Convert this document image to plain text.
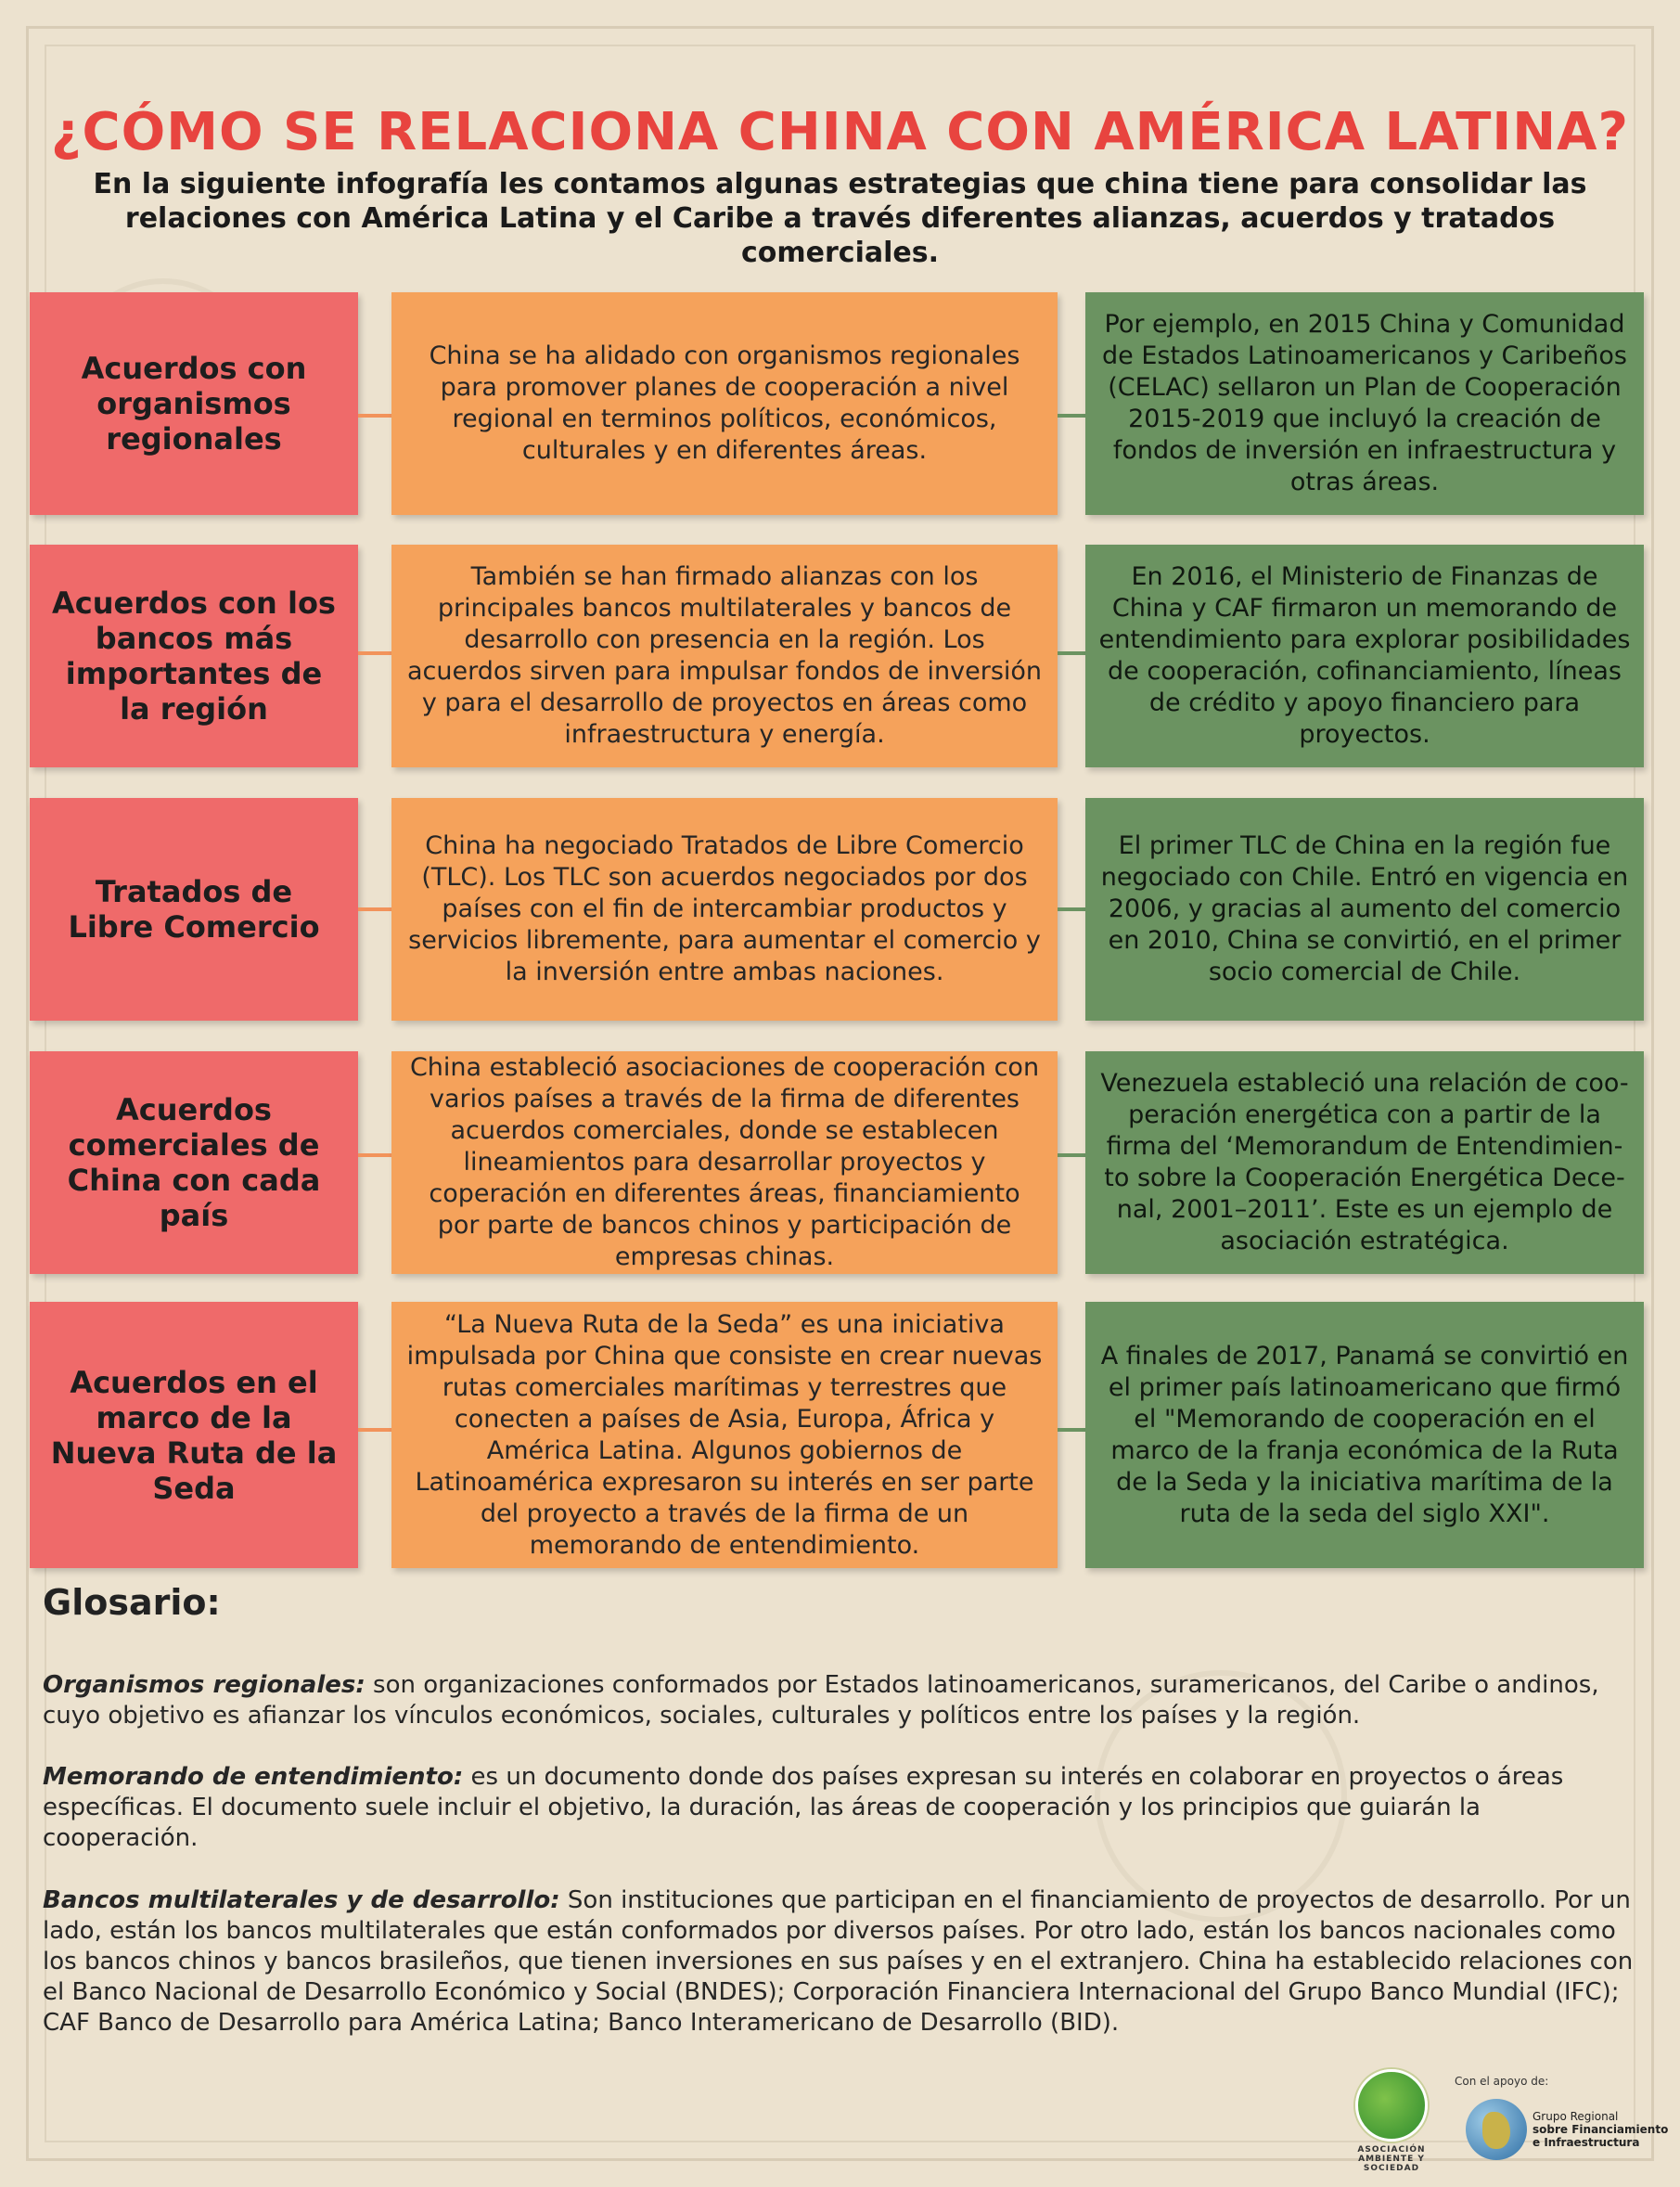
¿CÓMO SE RELACIONA CHINA CON AMÉRICA LATINA?

En la siguiente infografía les contamos algunas estrategias que china tiene para consolidar las relaciones con América Latina y el Caribe a través diferentes alianzas, acuerdos y tratados comerciales.

Acuerdos con organismos regionales
China se ha alidado con organismos regionales para promover planes de cooperación a nivel regional en terminos políticos, económicos, culturales y en diferentes áreas.
Por ejemplo, en 2015 China y Comunidad de Estados Latinoamericanos y Caribeños (CELAC) sellaron un Plan de Cooperación 2015-2019 que incluyó la creación de fondos de inversión en infraestructura y otras áreas.
Acuerdos con los bancos más importantes de la región
También se han firmado alianzas con los principales bancos multilaterales y bancos de desarrollo con presencia en la región. Los acuerdos sirven para impulsar fondos de inversión y para el desarrollo de proyectos en áreas como infraestructura y energía.
En 2016, el Ministerio de Finanzas de China y CAF firmaron un memorando de entendimiento para explorar posibilidades de cooperación, cofinanciamiento, líneas de crédito y apoyo financiero para proyectos.
Tratados de Libre Comercio
China ha negociado Tratados de Libre Comercio (TLC). Los TLC son acuerdos negociados por dos países con el fin de intercambiar productos y servicios libremente, para aumentar el comercio y la inversión entre ambas naciones.
El primer TLC de China en la región fue negociado con Chile. Entró en vigencia en 2006, y gracias al aumento del comercio en 2010, China se convirtió, en el primer socio comercial de Chile.
Acuerdos comerciales de China con cada país
China estableció asociaciones de cooperación con varios países a través de la firma de diferentes acuerdos comerciales, donde se establecen lineamientos para desarrollar proyectos y coperación en diferentes áreas, financiamiento por parte de bancos chinos y participación de empresas chinas.
Venezuela estableció una relación de coo-peración energética con a partir de la firma del ‘Memorandum de Entendimien-to sobre la Cooperación Energética Dece-nal, 2001–2011’. Este es un ejemplo de asociación estratégica.
Acuerdos en el marco de la Nueva Ruta de la Seda
“La Nueva Ruta de la Seda” es una iniciativa impulsada por China que consiste en crear nuevas rutas comerciales marítimas y terrestres que conecten a países de Asia, Europa, África y América Latina. Algunos gobiernos de Latinoamérica expresaron su interés en ser parte del proyecto a través de la firma de un memorando de entendimiento.
A finales de 2017, Panamá se convirtió en el primer país latinoamericano que firmó el "Memorando de cooperación en el marco de la franja económica de la Ruta de la Seda y la iniciativa marítima de la ruta de la seda del siglo XXI".
Glosario:

Organismos regionales: son organizaciones conformados por Estados latinoamericanos, suramericanos, del Caribe o andinos, cuyo objetivo es afianzar los vínculos económicos, sociales, culturales y políticos entre los países y la región.

Memorando de entendimiento: es un documento donde dos países expresan su interés en colaborar en proyectos o áreas específicas. El documento suele incluir el objetivo, la duración, las áreas de cooperación y los principios que guiarán la cooperación.

Bancos multilaterales y de desarrollo: Son instituciones que participan en el financiamiento de proyectos de desarrollo. Por un lado, están los bancos multilaterales que están conformados por diversos países. Por otro lado, están los bancos nacionales como los bancos chinos y bancos brasileños, que tienen inversiones en sus países y en el extranjero. China ha establecido relaciones con el Banco Nacional de Desarrollo Económico y Social (BNDES); Corporación Financiera Internacional del Grupo Banco Mundial (IFC); CAF Banco de Desarrollo para América Latina; Banco Interamericano de Desarrollo (BID).

ASOCIACIÓN AMBIENTE Y SOCIEDAD
Con el apoyo de:
Grupo Regional
sobre Financiamiento
e Infraestructura
